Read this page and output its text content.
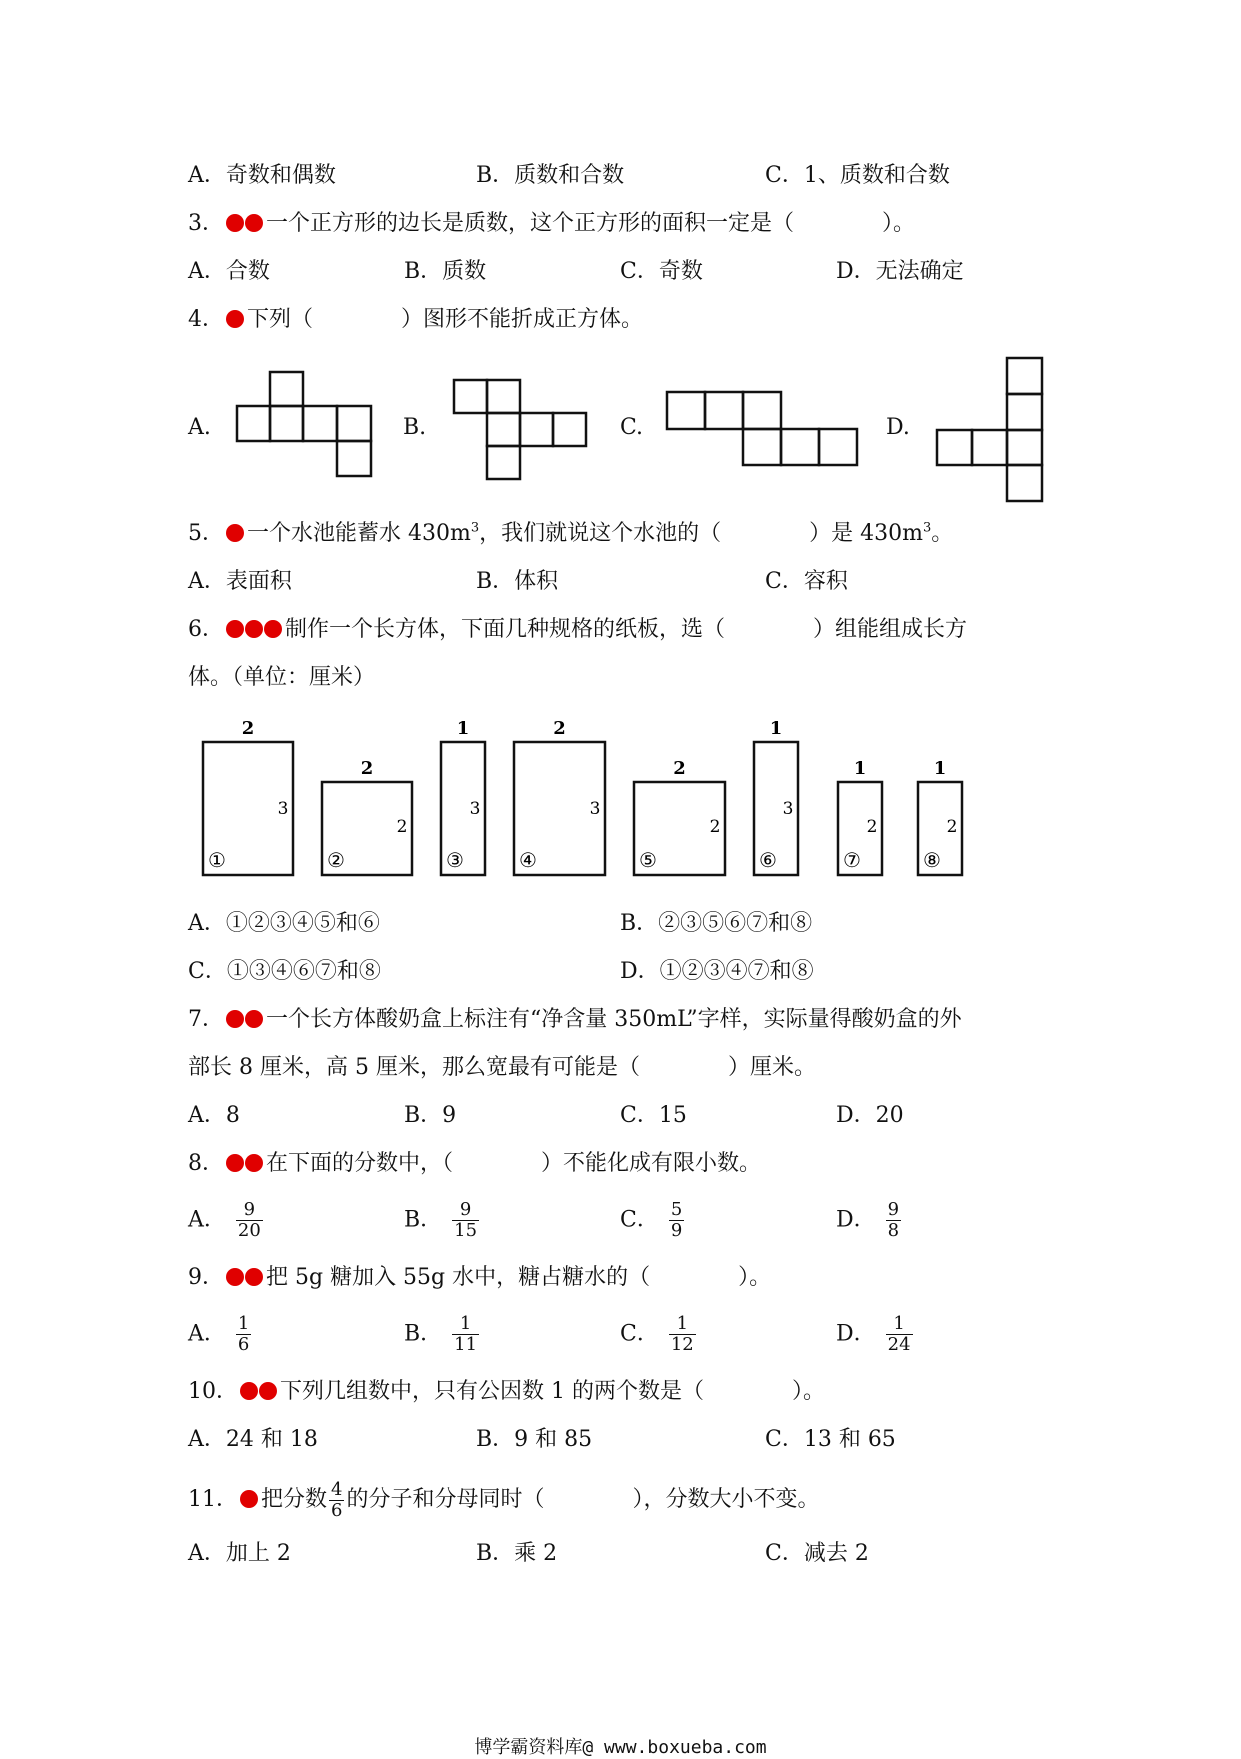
A．奇数和偶数	B．质数和合数	C．1、质数和合数
3． 一个正方形的边长是质数，这个正方形的面积一定是（　　　　）。
A．合数	B．质数	C．奇数	D．无法确定
4． 下列（　　　　）图形不能折成正方体。
A.	B.	C.	D.
5． 一个水池能蓄水 $430m^3$，我们就说这个水池的（　　　　）是 $430m^3$。
A．表面积	B．体积	C．容积
6．	制作一个长方体，下面几种规格的纸板，选（　　　　）组能组成长方
体。（单位：厘米）
2
3
①
2
2
②
1
3
③
2
3
④
2
2
⑤
1
3
⑥
1
2
⑦
1
2
⑧
A．①②③④⑤和⑥	B．②③⑤⑥⑦和⑧
C．①③④⑥⑦和⑧	D．①②③④⑦和⑧
7． 一个长方体酸奶盒上标注有“净含量 350mL”字样，实际量得酸奶盒的外
部长 8 厘米，高 5 厘米，那么宽最有可能是（　　　　）厘米。
A．8	B．9	C．15	D．20
8． 在下面的分数中，（　　　　）不能化成有限小数。
A． $\frac{9}{20}$	B． $\frac{9}{15}$	C． $\frac{5}{9}$	D． $\frac{9}{8}$
9． 把 5g 糖加入 55g 水中，糖占糖水的（　　　　）。
A． $\frac{1}{6}$	B． $\frac{1}{11}$	C． $\frac{1}{12}$	D． $\frac{1}{24}$
10． 下列几组数中，只有公因数 1 的两个数是（　　　　）。
A．24 和 18	B．9 和 85	C．13 和 65
11． 把分数 $\frac{4}{6}$ 的分子和分母同时（　　　　），分数大小不变。
A．加上 2	B．乘 2	C．减去 2
博学霸资料库@ www.boxueba.com
